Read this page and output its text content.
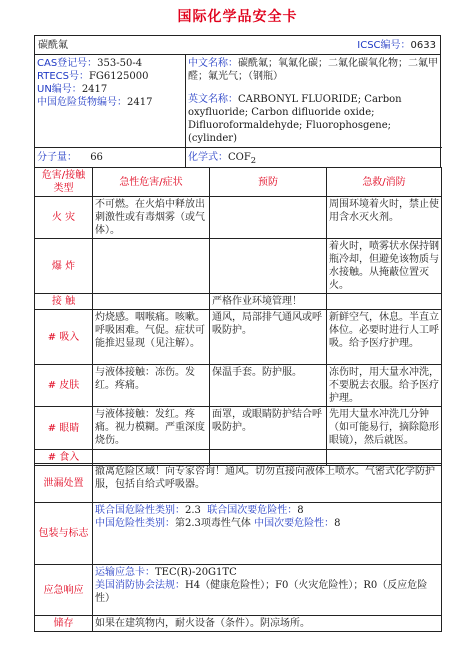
国际化学品安全卡
碳酰氟	ICSC编号：0633
CAS登记号：353-50-4
RTECS号：FG6125000
UN编号：2417
中国危险货物编号：2417
中文名称：碳酰氟；氧氟化碳；二氟化碳氧化物；二氟甲醛；氟光气；（钢瓶）
英文名称：CARBONYL FLUORIDE; Carbon oxyfluoride; Carbon difluoride oxide; Difluoroformaldehyde; Fluorophosgene; (cylinder)
分子量： 66	化学式：$COF_2$
危害/接触类型	急性危害/症状	预防	急救/消防
火 灾	不可燃。在火焰中释放出刺激性或有毒烟雾（或气体）。		周围环境着火时，禁止使用含水灭火剂。
爆 炸			着火时，喷雾状水保持钢瓶冷却，但避免该物质与水接触。从掩蔽位置灭火。
接 触		严格作业环境管理！	
# 吸入	灼烧感。咽喉痛。咳嗽。呼吸困难。气促。症状可能推迟显现（见注解）。	通风，局部排气通风或呼吸防护。	新鲜空气，休息。半直立体位。必要时进行人工呼吸。给予医疗护理。
# 皮肤	与液体接触：冻伤。发红。疼痛。	保温手套。防护服。	冻伤时，用大量水冲洗，不要脱去衣服。给予医疗护理。
# 眼睛	与液体接触：发红。疼痛。视力模糊。严重深度烧伤。	面罩，或眼睛防护结合呼吸防护。	先用大量水冲洗几分钟（如可能易行，摘除隐形眼镜），然后就医。
# 食入			
泄漏处置	撤离危险区域！向专家咨询！通风。切勿直接向液体上喷水。气密式化学防护服，包括自给式呼吸器。
包装与标志	联合国危险性类别：2.3 联合国次要危险性：8
中国危险性类别：第2.3项毒性气体 中国次要危险性：8

应急响应	运输应急卡：TEC(R)-20G1TC
美国消防协会法规：H4（健康危险性）；F0（火灾危险性）；R0（反应危险性）

储存	如果在建筑物内，耐火设备（条件）。阴凉场所。
